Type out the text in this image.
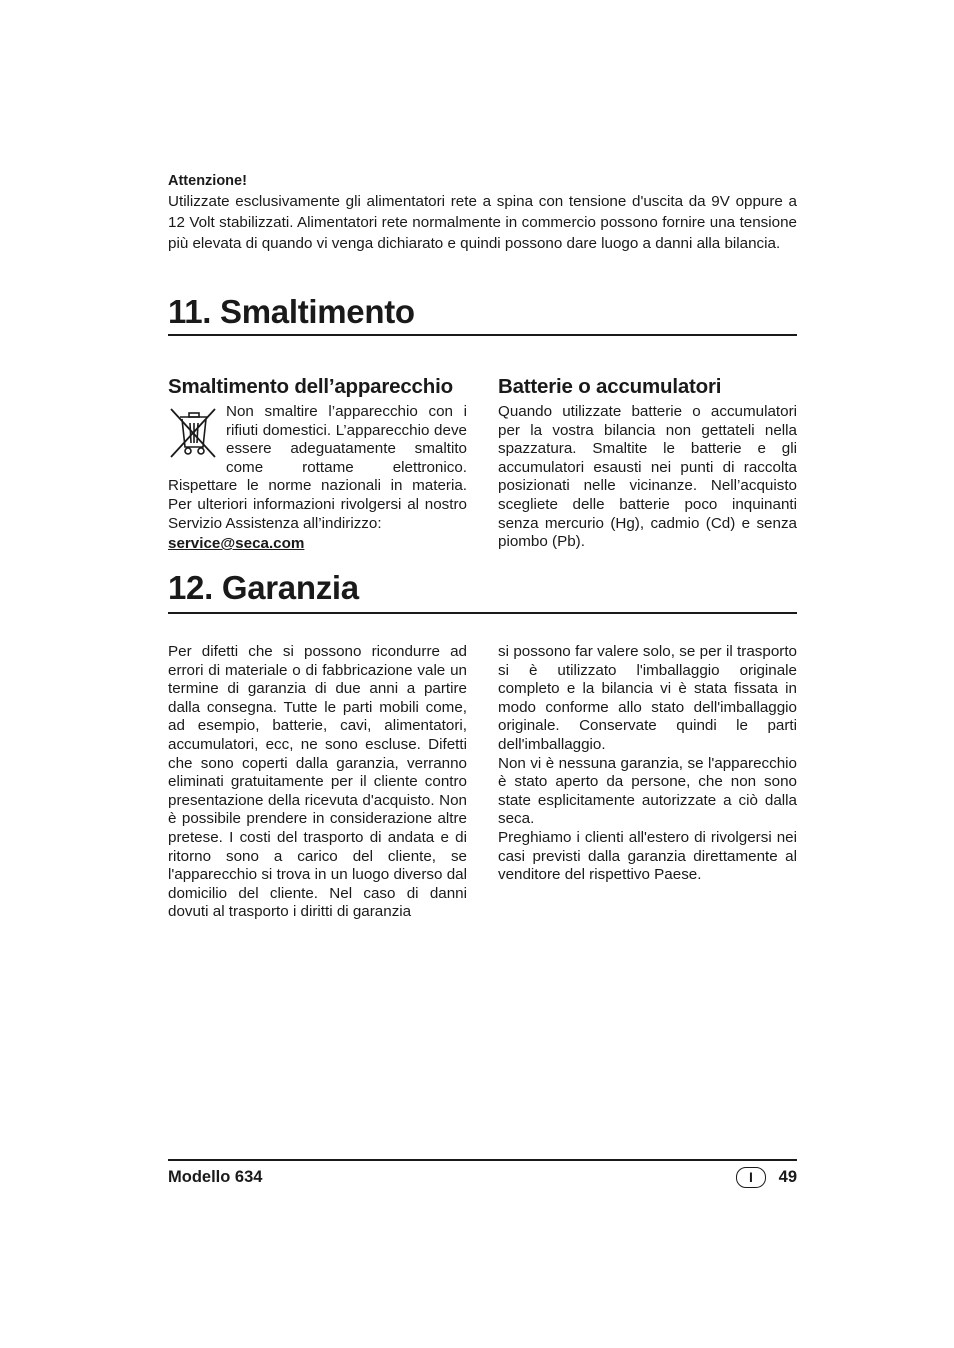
Attenzione!
Utilizzate esclusivamente gli alimentatori rete a spina con tensione d'uscita da 9V oppure a 12 Volt stabilizzati. Alimentatori rete normalmente in commercio possono fornire una tensione più elevata di quando vi venga dichiarato e quindi possono dare luogo a danni alla bilancia.
11. Smaltimento
Smaltimento dell’apparecchio Batterie o accumulatori

Non smaltire l’apparecchio con i rifiuti domestici. L’apparecchio deve essere adeguatamente smaltito come rottame elettronico. Rispettare le norme nazionali in materia. Per ulteriori informazioni rivolgersi al nostro Servizio Assistenza all’indirizzo:

service@seca.com

Quando utilizzate batterie o accumulatori per la vostra bilancia non gettateli nella spazzatura. Smaltite le batterie e gli accumulatori esausti nei punti di raccolta posizionati nelle vicinanze. Nell’acquisto scegliete delle batterie poco inquinanti senza mercurio (Hg), cadmio (Cd) e senza piombo (Pb).

12. Garanzia

Per difetti che si possono ricondurre ad errori di materiale o di fabbricazione vale un termine di garanzia di due anni a partire dalla consegna. Tutte le parti mobili come, ad esempio, batterie, cavi, alimentatori, accumulatori, ecc, ne sono escluse. Difetti che sono coperti dalla garanzia, verranno eliminati gratuitamente per il cliente contro presentazione della ricevuta d'acquisto. Non è possibile prendere in considerazione altre pretese. I costi del trasporto di andata e di ritorno sono a carico del cliente, se l'apparecchio si trova in un luogo diverso dal domicilio del cliente. Nel caso di danni dovuti al trasporto i diritti di garanzia

si possono far valere solo, se per il trasporto si è utilizzato l'imballaggio originale completo e la bilancia vi è stata fissata in modo conforme allo stato dell'imballaggio originale. Conservate quindi le parti dell'imballaggio.

Non vi è nessuna garanzia, se l'apparecchio è stato aperto da persone, che non sono state esplicitamente autorizzate a ciò dalla seca.

Preghiamo i clienti all'estero di rivolgersi nei casi previsti dalla garanzia direttamente al venditore del rispettivo Paese.

Modello 634	I	49
